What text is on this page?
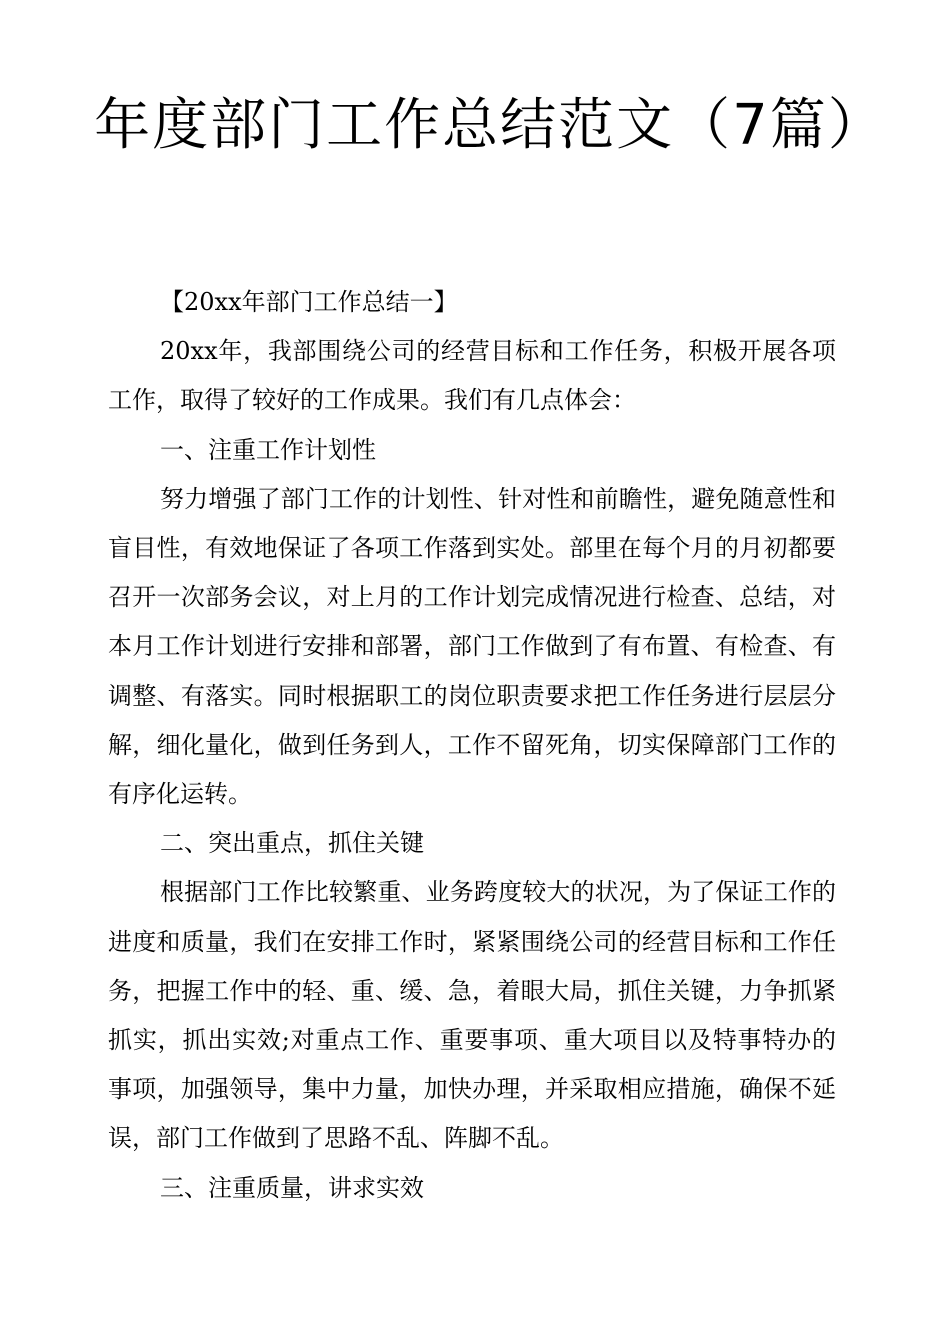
年度部门工作总结范文（7篇）

【20xx年部门工作总结一】

20xx年，我部围绕公司的经营目标和工作任务，积极开展各项工作，取得了较好的工作成果。我们有几点体会：

一、注重工作计划性

努力增强了部门工作的计划性、针对性和前瞻性，避免随意性和盲目性，有效地保证了各项工作落到实处。部里在每个月的月初都要召开一次部务会议，对上月的工作计划完成情况进行检查、总结，对本月工作计划进行安排和部署，部门工作做到了有布置、有检查、有调整、有落实。同时根据职工的岗位职责要求把工作任务进行层层分解，细化量化，做到任务到人，工作不留死角，切实保障部门工作的有序化运转。

二、突出重点，抓住关键

根据部门工作比较繁重、业务跨度较大的状况，为了保证工作的进度和质量，我们在安排工作时，紧紧围绕公司的经营目标和工作任务，把握工作中的轻、重、缓、急，着眼大局，抓住关键，力争抓紧抓实，抓出实效;对重点工作、重要事项、重大项目以及特事特办的事项，加强领导，集中力量，加快办理，并采取相应措施，确保不延误，部门工作做到了思路不乱、阵脚不乱。

三、注重质量，讲求实效
